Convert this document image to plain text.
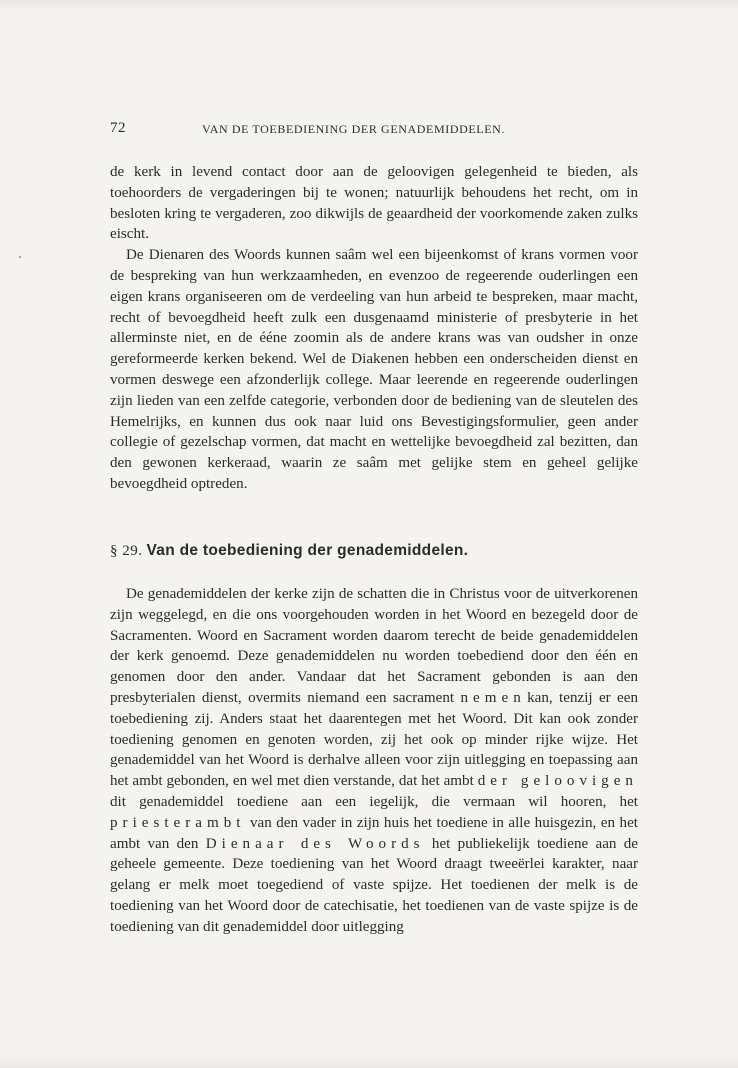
72	VAN DE TOEBEDIENING DER GENADEMIDDELEN.

de kerk in levend contact door aan de geloovigen gelegenheid te bieden, als toehoorders de vergaderingen bij te wonen; natuurlijk behoudens het recht, om in besloten kring te vergaderen, zoo dikwijls de geaardheid der voorkomende zaken zulks eischt.

De Dienaren des Woords kunnen saâm wel een bijeenkomst of krans vormen voor de bespreking van hun werkzaamheden, en evenzoo de regeerende ouderlingen een eigen krans organiseeren om de verdeeling van hun arbeid te bespreken, maar macht, recht of bevoegdheid heeft zulk een dusgenaamd ministerie of presbyterie in het allerminste niet, en de ééne zoomin als de andere krans was van oudsher in onze gereformeerde kerken bekend. Wel de Diakenen hebben een onderscheiden dienst en vormen deswege een afzonderlijk college. Maar leerende en regeerende ouderlingen zijn lieden van een zelfde categorie, verbonden door de bediening van de sleutelen des Hemelrijks, en kunnen dus ook naar luid ons Bevestigingsformulier, geen ander collegie of gezelschap vormen, dat macht en wettelijke bevoegdheid zal bezitten, dan den gewonen kerkeraad, waarin ze saâm met gelijke stem en geheel gelijke bevoegdheid optreden.

§ 29. Van de toebediening der genademiddelen.

De genademiddelen der kerke zijn de schatten die in Christus voor de uitverkorenen zijn weggelegd, en die ons voorgehouden worden in het Woord en bezegeld door de Sacramenten. Woord en Sacrament worden daarom terecht de beide genademiddelen der kerk genoemd. Deze genademiddelen nu worden toebediend door den één en genomen door den ander. Vandaar dat het Sacrament gebonden is aan den presbyterialen dienst, overmits niemand een sacrament nemen kan, tenzij er een toebediening zij. Anders staat het daarentegen met het Woord. Dit kan ook zonder toediening genomen en genoten worden, zij het ook op minder rijke wijze. Het genademiddel van het Woord is derhalve alleen voor zijn uitlegging en toepassing aan het ambt gebonden, en wel met dien verstande, dat het ambt der geloovigen dit genademiddel toediene aan een iegelijk, die vermaan wil hooren, het priesterambt van den vader in zijn huis het toediene in alle huisgezin, en het ambt van den Dienaar des Woords het publiekelijk toediene aan de geheele gemeente. Deze toediening van het Woord draagt tweeërlei karakter, naar gelang er melk moet toegediend of vaste spijze. Het toedienen der melk is de toediening van het Woord door de catechisatie, het toedienen van de vaste spijze is de toediening van dit genademiddel door uitlegging
